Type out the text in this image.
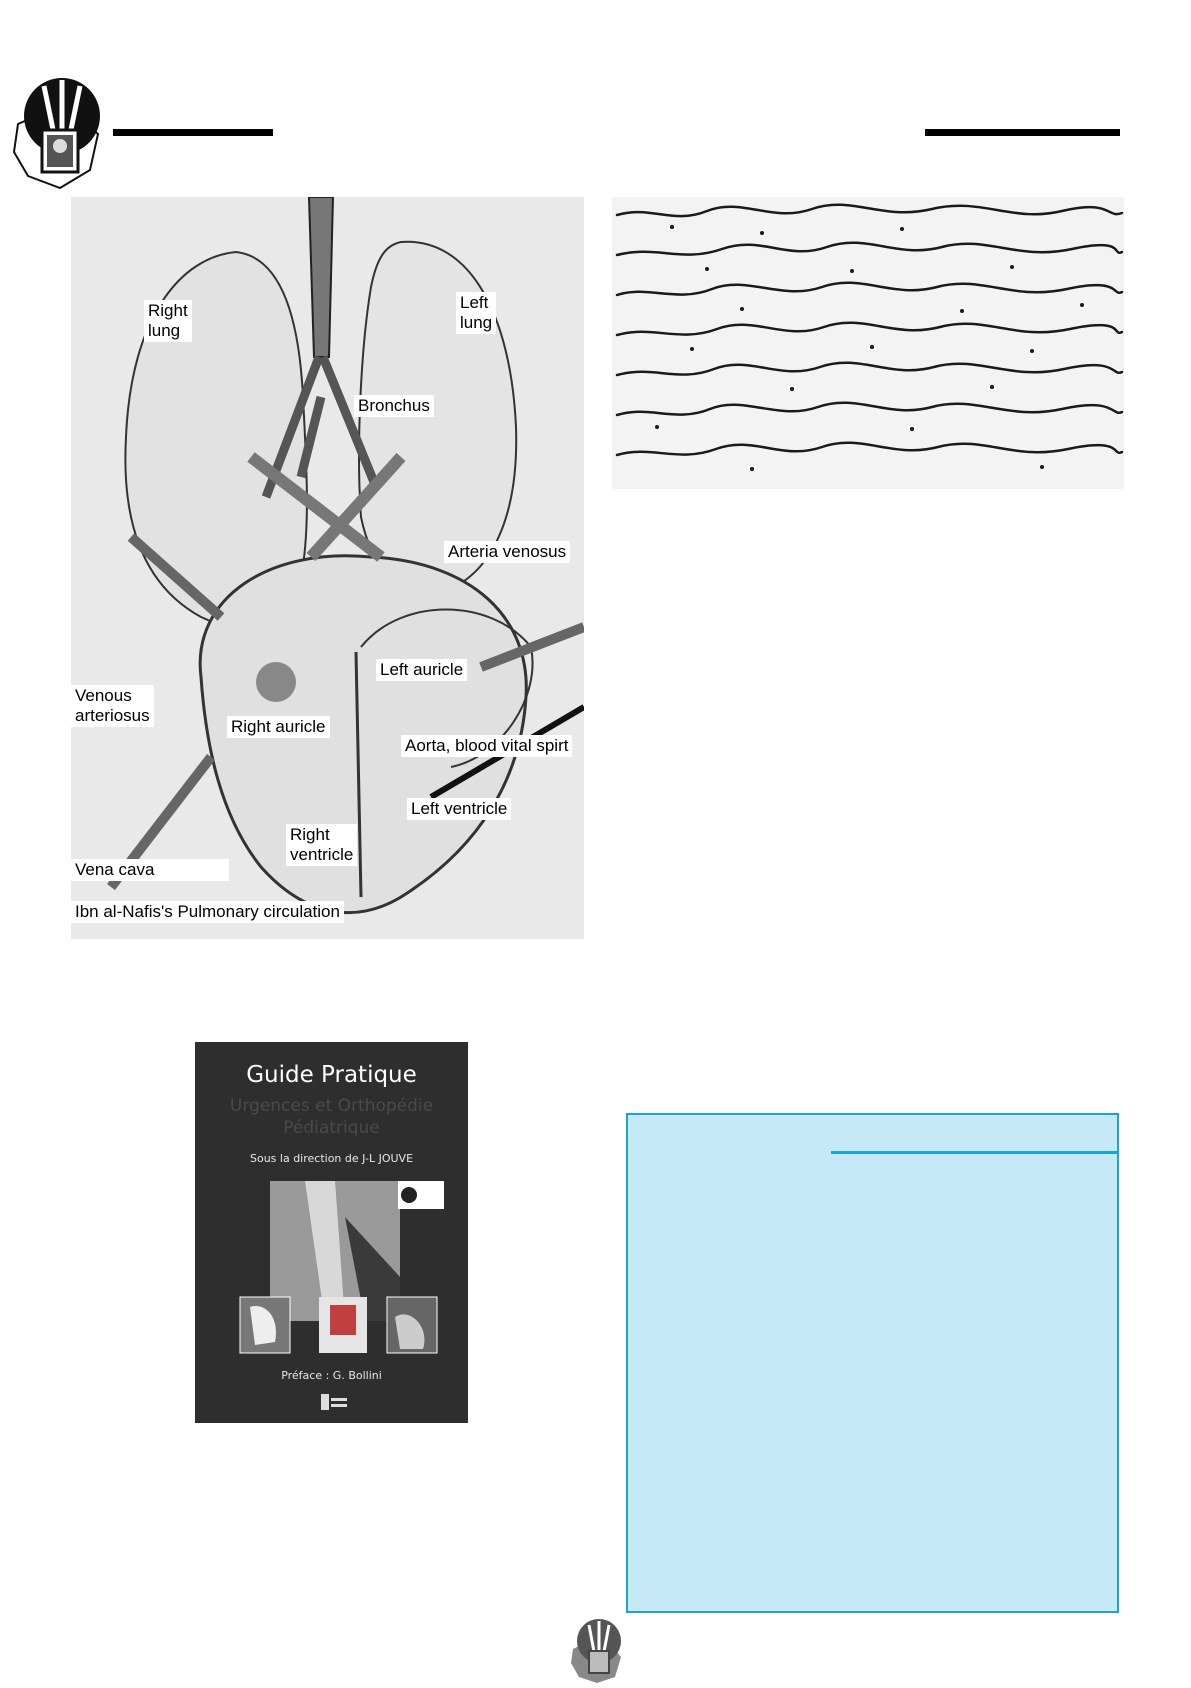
Right
lung
Left
lung
Bronchus
Arteria venosus
Venous
arteriosus
Left auricle
Right auricle
Aorta, blood vital spirt
Left ventricle
Right
ventricle
Vena cava
Ibn al-Nafis's Pulmonary circulation
Guide Pratique
Urgences et Orthopédie
Pédiatrique
Sous la direction de J-L JOUVE
Préface : G. Bollini
